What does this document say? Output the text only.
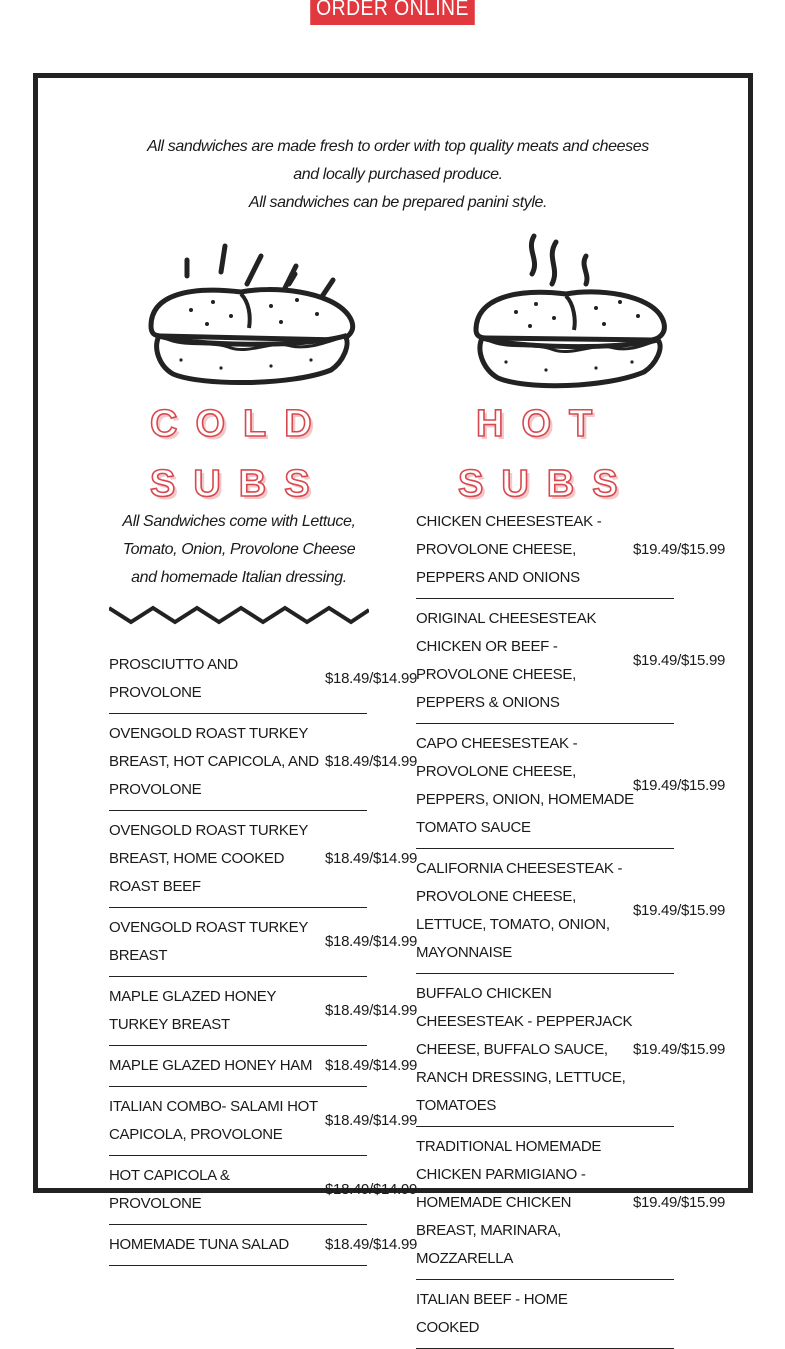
ORDER ONLINE

All sandwiches are made fresh to order with top quality meats and cheeses and locally purchased produce.

All sandwiches can be prepared panini style.

COLD
SUBS
HOT
SUBS
All Sandwiches come with Lettuce, Tomato, Onion, Provolone Cheese and homemade Italian dressing.
PROSCIUTTO AND PROVOLONE
$18.49/$14.99
OVENGOLD ROAST TURKEY BREAST, HOT CAPICOLA, AND PROVOLONE
$18.49/$14.99
OVENGOLD ROAST TURKEY BREAST, HOME COOKED ROAST BEEF
$18.49/$14.99
OVENGOLD ROAST TURKEY BREAST
$18.49/$14.99
MAPLE GLAZED HONEY TURKEY BREAST
$18.49/$14.99
MAPLE GLAZED HONEY HAM $18.49/$14.99
ITALIAN COMBO- SALAMI HOT CAPICOLA, PROVOLONE
$18.49/$14.99
HOT CAPICOLA & PROVOLONE
$18.49/$14.99
HOMEMADE TUNA SALAD	$18.49/$14.99
CHICKEN CHEESESTEAK - PROVOLONE CHEESE, PEPPERS AND ONIONS
$19.49/$15.99
ORIGINAL CHEESESTEAK CHICKEN OR BEEF - PROVOLONE CHEESE, PEPPERS & ONIONS
$19.49/$15.99
CAPO CHEESESTEAK - PROVOLONE CHEESE, PEPPERS, ONION, HOMEMADE TOMATO SAUCE
$19.49/$15.99
CALIFORNIA CHEESESTEAK - PROVOLONE CHEESE, LETTUCE, TOMATO, ONION, MAYONNAISE
$19.49/$15.99
BUFFALO CHICKEN CHEESESTEAK - PEPPERJACK CHEESE, BUFFALO SAUCE, RANCH DRESSING, LETTUCE, TOMATOES
$19.49/$15.99
TRADITIONAL HOMEMADE CHICKEN PARMIGIANO - HOMEMADE CHICKEN BREAST, MARINARA, MOZZARELLA
$19.49/$15.99
ITALIAN BEEF - HOME COOKED
